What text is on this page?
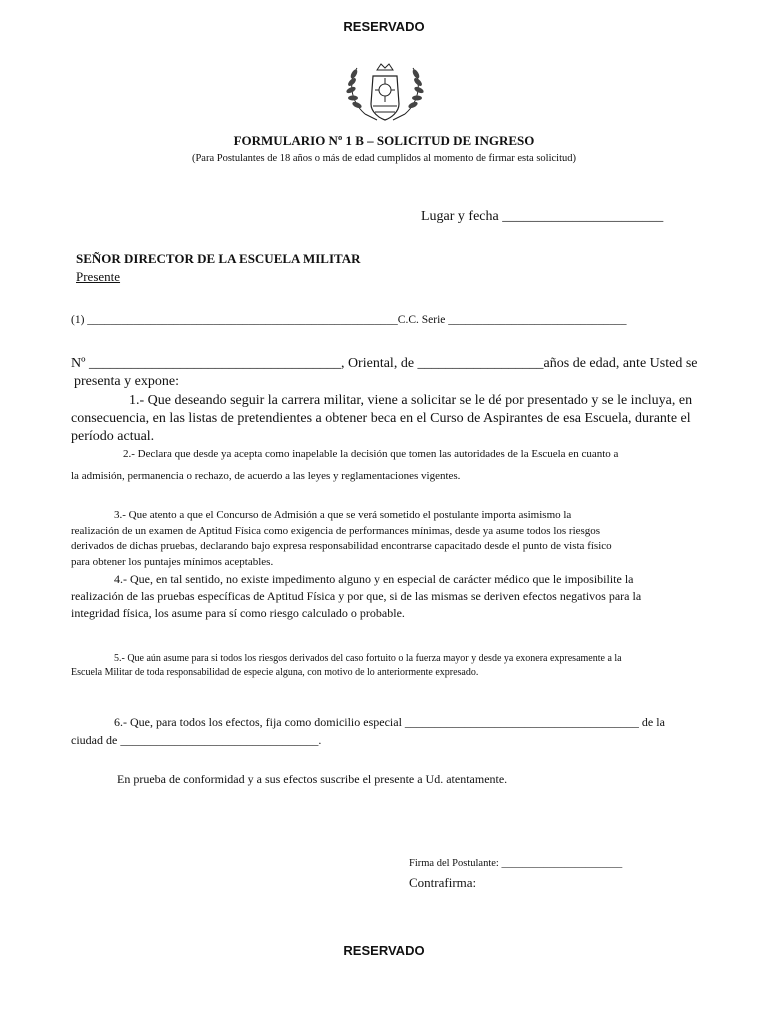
RESERVADO
FORMULARIO Nº 1 B – SOLICITUD DE INGRESO
(Para Postulantes de 18 años o más de edad cumplidos al momento de firmar esta solicitud)
Lugar y fecha _______________________
SEÑOR DIRECTOR DE LA ESCUELA MILITAR
Presente
(1) ______________________________________________________C.C. Serie _______________________________
Nº ____________________________________, Oriental, de __________________años de edad, ante Usted se
presenta y expone:
1.- Que deseando seguir la carrera militar, viene a solicitar se le dé por presentado y se le incluya, en
consecuencia, en las listas de pretendientes a obtener beca en el Curso de Aspirantes de esa Escuela, durante el
período actual.
2.- Declara que desde ya acepta como inapelable la decisión que tomen las autoridades de la Escuela en cuanto a
la admisión, permanencia o rechazo, de acuerdo a las leyes y reglamentaciones vigentes.
3.- Que atento a que el Concurso de Admisión a que se verá sometido el postulante importa asimismo la
realización de un examen de Aptitud Física como exigencia de performances mínimas, desde ya asume todos los riesgos
derivados de dichas pruebas, declarando bajo expresa responsabilidad encontrarse capacitado desde el punto de vista físico
para obtener los puntajes mínimos aceptables.
4.- Que, en tal sentido, no existe impedimento alguno y en especial de carácter médico que le imposibilite la
realización de las pruebas específicas de Aptitud Física y por que, si de las mismas se deriven efectos negativos para la
integridad física, los asume para sí como riesgo calculado o probable.
5.- Que aún asume para si todos los riesgos derivados del caso fortuito o la fuerza mayor y desde ya exonera expresamente a la
Escuela Militar de toda responsabilidad de especie alguna, con motivo de lo anteriormente expresado.
6.- Que, para todos los efectos, fija como domicilio especial _______________________________________ de la
ciudad de _________________________________.
En prueba de conformidad y a sus efectos suscribe el presente a Ud. atentamente.
Firma del Postulante: _______________________
Contrafirma:
RESERVADO
